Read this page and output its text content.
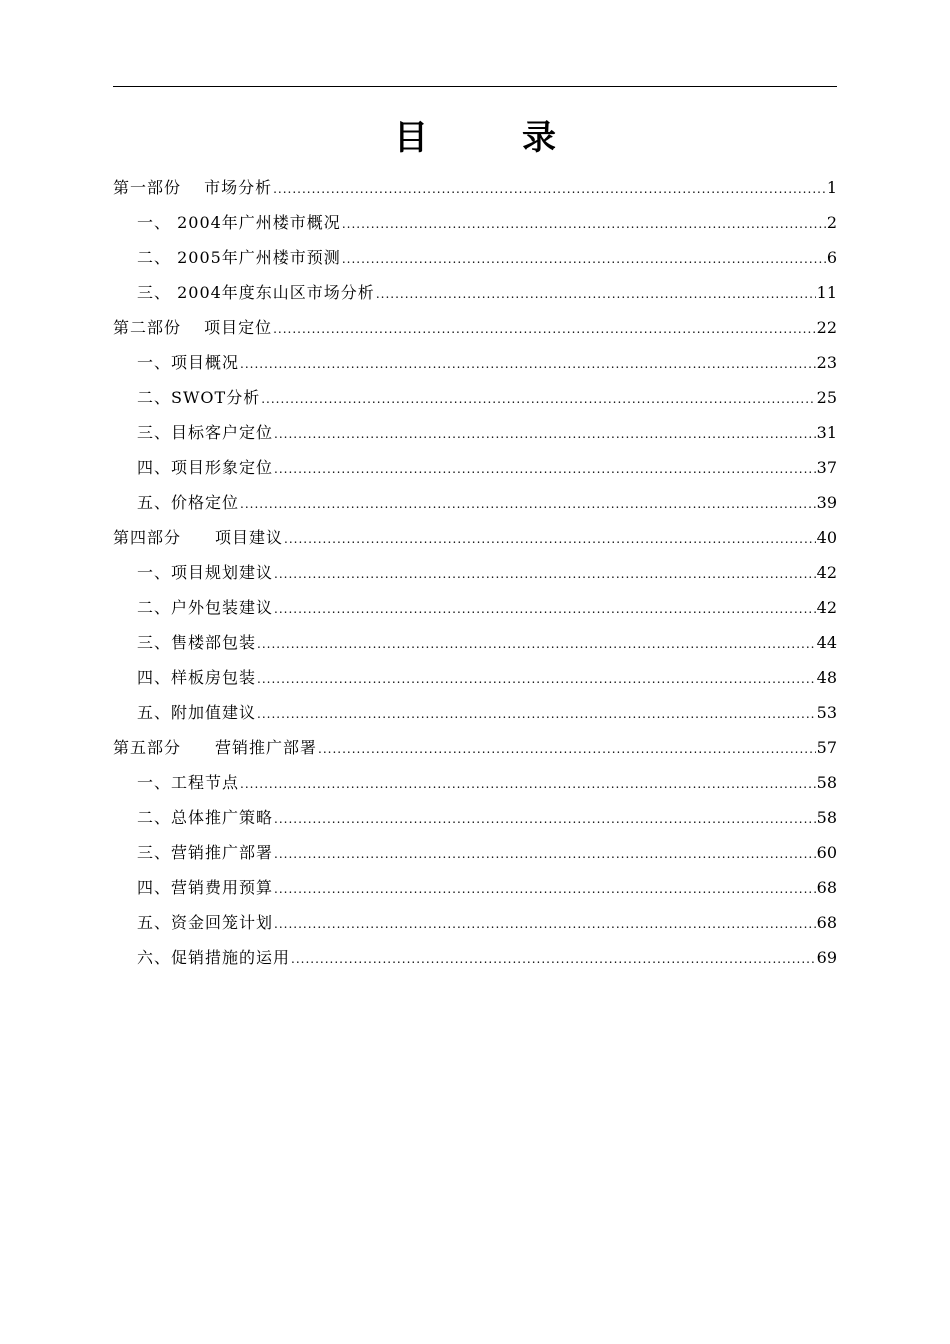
目　录
第一部份　 市场分析 .....	1
一、 2004年广州楼市概况 .....	2
二、 2005年广州楼市预测 .....	6
三、 2004年度东山区市场分析 .....	11
第二部份　 项目定位 .....	22
一、项目概况 .....	23
二、SWOT分析 .....	25
三、目标客户定位 .....	31
四、项目形象定位 .....	37
五、价格定位 .....	39
第四部分　　项目建议 .....	40
一、项目规划建议 .....	42
二、户外包装建议 .....	42
三、售楼部包装 .....	44
四、样板房包装 .....	48
五、附加值建议 .....	53
第五部分　　营销推广部署 .....	57
一、工程节点 .....	58
二、总体推广策略 .....	58
三、营销推广部署 .....	60
四、营销费用预算 .....	68
五、资金回笼计划 .....	68
六、促销措施的运用 .....	69
